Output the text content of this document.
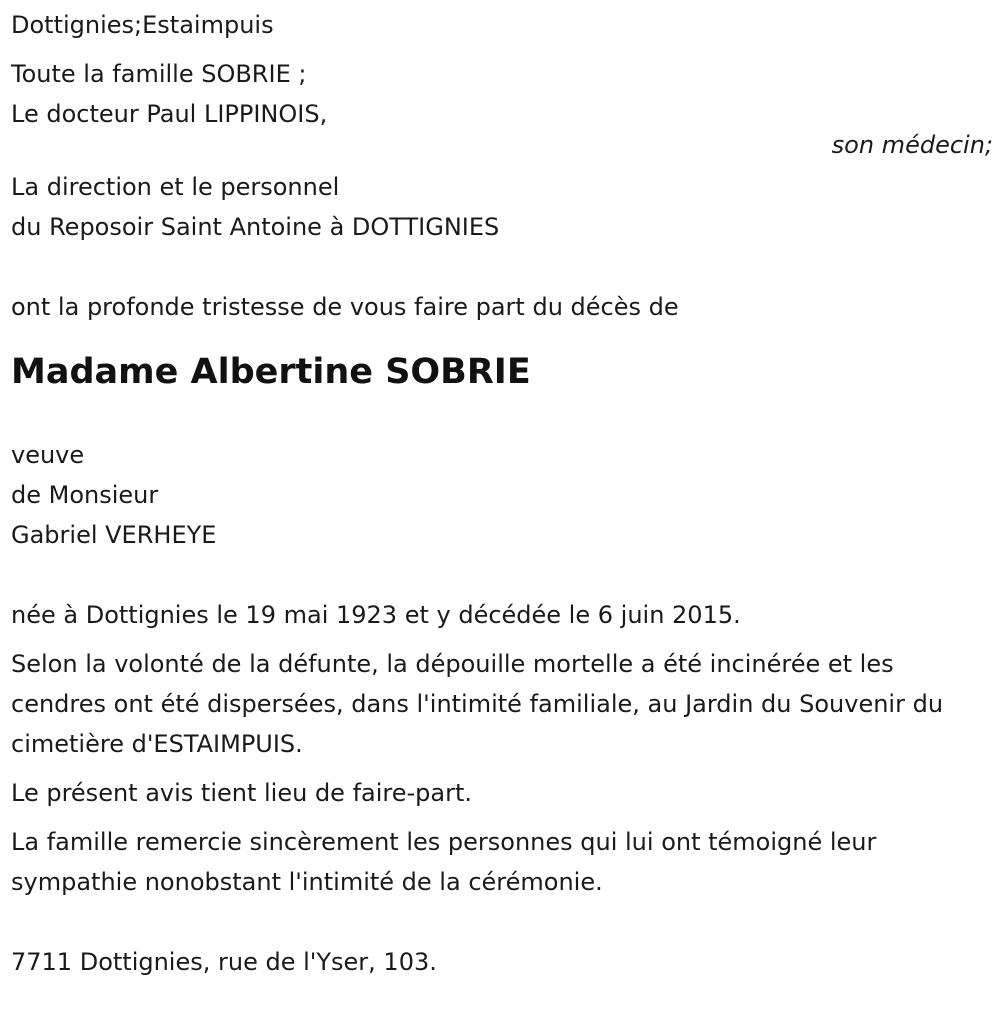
Dottignies;Estaimpuis
Toute la famille SOBRIE ;
Le docteur Paul LIPPINOIS,
son médecin;
La direction et le personnel
du Reposoir Saint Antoine à DOTTIGNIES
ont la profonde tristesse de vous faire part du décès de
Madame Albertine SOBRIE
veuve
de Monsieur
Gabriel VERHEYE
née à Dottignies le 19 mai 1923 et y décédée le 6 juin 2015.
Selon la volonté de la défunte, la dépouille mortelle a été incinérée et les cendres ont été dispersées, dans l'intimité familiale, au Jardin du Souvenir du cimetière d'ESTAIMPUIS.
Le présent avis tient lieu de faire-part.
La famille remercie sincèrement les personnes qui lui ont témoigné leur sympathie nonobstant l'intimité de la cérémonie.
7711 Dottignies, rue de l'Yser, 103.
